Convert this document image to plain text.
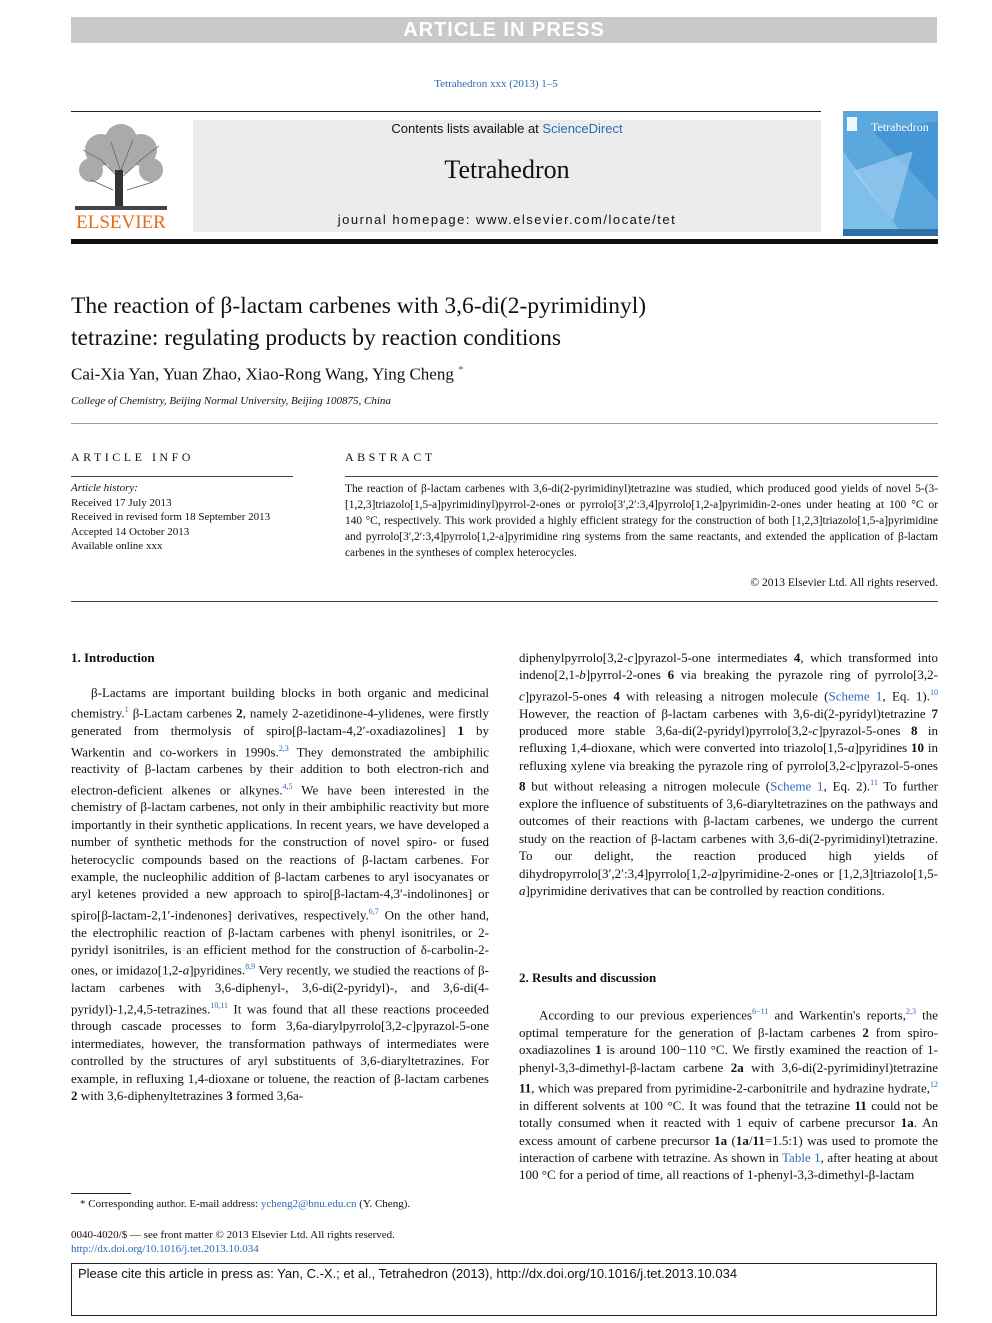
ARTICLE IN PRESS
Tetrahedron xxx (2013) 1–5
ELSEVIER
Contents lists available at ScienceDirect
Tetrahedron
journal homepage: www.elsevier.com/locate/tet
Tetrahedron
The reaction of β-lactam carbenes with 3,6-di(2-pyrimidinyl)
tetrazine: regulating products by reaction conditions
Cai-Xia Yan, Yuan Zhao, Xiao-Rong Wang, Ying Cheng *
College of Chemistry, Beijing Normal University, Beijing 100875, China
ARTICLE INFO	ABSTRACT
Article history:
Received 17 July 2013
Received in revised form 18 September 2013
Accepted 14 October 2013
Available online xxx
The reaction of β-lactam carbenes with 3,6-di(2-pyrimidinyl)tetrazine was studied, which produced good yields of novel 5-(3-[1,2,3]triazolo[1,5-a]pyrimidinyl)pyrrol-2-ones or pyrrolo[3′,2′:3,4]pyrrolo[1,2-a]pyrimidin-2-ones under heating at 100 °C or 140 °C, respectively. This work provided a highly efficient strategy for the construction of both [1,2,3]triazolo[1,5-a]pyrimidine and pyrrolo[3′,2′:3,4]pyrrolo[1,2-a]pyrimidine ring systems from the same reactants, and extended the application of β-lactam carbenes in the syntheses of complex heterocycles.
© 2013 Elsevier Ltd. All rights reserved.
1. Introduction

β-Lactams are important building blocks in both organic and medicinal chemistry.$^1$ β-Lactam carbenes 2, namely 2-azetidinone-4-ylidenes, were firstly generated from thermolysis of spiro[β-lactam-4,2′-oxadiazolines] 1 by Warkentin and co-workers in 1990s.$^{2,3}$ They demonstrated the ambiphilic reactivity of β-lactam carbenes by their addition to both electron-rich and electron-deficient alkenes or alkynes.$^{4,5}$ We have been interested in the chemistry of β-lactam carbenes, not only in their ambiphilic reactivity but more importantly in their synthetic applications. In recent years, we have developed a number of synthetic methods for the construction of novel spiro- or fused heterocyclic compounds based on the reactions of β-lactam carbenes. For example, the nucleophilic addition of β-lactam carbenes to aryl isocyanates or aryl ketenes provided a new approach to spiro[β-lactam-4,3′-indolinones] or spiro[β-lactam-2,1′-indenones] derivatives, respectively.$^{6,7}$ On the other hand, the electrophilic reaction of β-lactam carbenes with phenyl isonitriles, or 2-pyridyl isonitriles, is an efficient method for the construction of δ-carbolin-2-ones, or imidazo[1,2-a]pyridines.$^{8,9}$ Very recently, we studied the reactions of β-lactam carbenes with 3,6-diphenyl-, 3,6-di(2-pyridyl)-, and 3,6-di(4-pyridyl)-1,2,4,5-tetrazines.$^{10,11}$ It was found that all these reactions proceeded through cascade processes to form 3,6a-diarylpyrrolo[3,2-c]pyrazol-5-one intermediates, however, the transformation pathways of intermediates were controlled by the structures of aryl substituents of 3,6-diaryltetrazines. For example, in refluxing 1,4-dioxane or toluene, the reaction of β-lactam carbenes 2 with 3,6-diphenyltetrazines 3 formed 3,6a-

diphenylpyrrolo[3,2-c]pyrazol-5-one intermediates 4, which transformed into indeno[2,1-b]pyrrol-2-ones 6 via breaking the pyrazole ring of pyrrolo[3,2-c]pyrazol-5-ones 4 with releasing a nitrogen molecule (Scheme 1, Eq. 1).$^{10}$ However, the reaction of β-lactam carbenes with 3,6-di(2-pyridyl)tetrazine 7 produced more stable 3,6a-di(2-pyridyl)pyrrolo[3,2-c]pyrazol-5-ones 8 in refluxing 1,4-dioxane, which were converted into triazolo[1,5-a]pyridines 10 in refluxing xylene via breaking the pyrazole ring of pyrrolo[3,2-c]pyrazol-5-ones 8 but without releasing a nitrogen molecule (Scheme 1, Eq. 2).$^{11}$ To further explore the influence of substituents of 3,6-diaryltetrazines on the pathways and outcomes of their reactions with β-lactam carbenes, we undergo the current study on the reaction of β-lactam carbenes with 3,6-di(2-pyrimidinyl)tetrazine. To our delight, the reaction produced high yields of dihydropyrrolo[3′,2′:3,4]pyrrolo[1,2-a]pyrimidine-2-ones or [1,2,3]triazolo[1,5-a]pyrimidine derivatives that can be controlled by reaction conditions.

2. Results and discussion

According to our previous experiences$^{6-11}$ and Warkentin's reports,$^{2,3}$ the optimal temperature for the generation of β-lactam carbenes 2 from spiro-oxadiazolines 1 is around 100−110 °C. We firstly examined the reaction of 1-phenyl-3,3-dimethyl-β-lactam carbene 2a with 3,6-di(2-pyrimidinyl)tetrazine 11, which was prepared from pyrimidine-2-carbonitrile and hydrazine hydrate,$^{12}$ in different solvents at 100 °C. It was found that the tetrazine 11 could not be totally consumed when it reacted with 1 equiv of carbene precursor 1a. An excess amount of carbene precursor 1a (1a/11=1.5:1) was used to promote the interaction of carbene with tetrazine. As shown in Table 1, after heating at about 100 °C for a period of time, all reactions of 1-phenyl-3,3-dimethyl-β-lactam

* Corresponding author. E-mail address: ycheng2@bnu.edu.cn (Y. Cheng).
0040-4020/$ — see front matter © 2013 Elsevier Ltd. All rights reserved.
http://dx.doi.org/10.1016/j.tet.2013.10.034
Please cite this article in press as: Yan, C.-X.; et al., Tetrahedron (2013), http://dx.doi.org/10.1016/j.tet.2013.10.034
